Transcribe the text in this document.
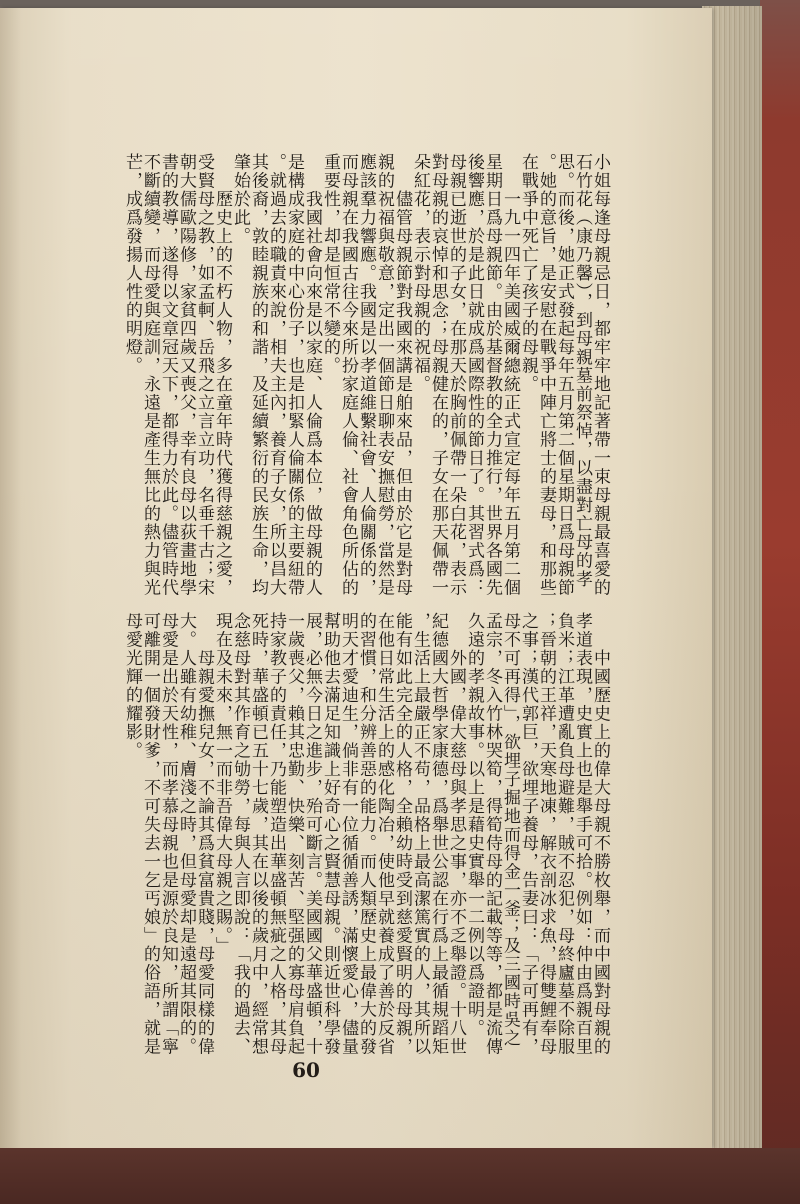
小姐每逢母親忌日，都牢牢地記著帶一束母親最喜愛的
石竹花（康乃馨），到母親墓前祭悼，以盡對亡母的孝
思。而後，她正式發起每年五月第二個星期日爲母親節
。她的意旨，是安慰在戰爭中陣亡將士的妻母，和那些
在戰爭中死亡了孩子的母親。
一九一四年美國威爾總統正式宣定每年五月第二個
星期日爲母親節。由於基督教的全力推行，世界各國先
後響應，於是此日就成爲國際性的節日了。其習式爲：
母親已逝世的子女，在那天於胸前佩帶一朵白花，表示
對母親的哀悼和思念；母親健在的，子女在那天佩帶一
朵紅花，表示對母親的祝福。
儘管母親節對我國來講是舶來品，但由於它是對母
親的祝福與敬意，定出一個節日聊表安撫慰勞，當然是
應該羣力響應。我國是以孝道維繫社會、人倫關係的，
而母親在我國古往今來所扮家庭人倫、社會角色所佔的
重要性，却是恒常不變的。
我國社會向來是以家庭、人倫爲本位，做母親的人
是構成家庭的中心份子，也是扣緊人倫關係的主要紐帶
。就過去的職責來說，相夫主內，養育子女，所以昌大
其後裔，敦睦親族的和諧，及延續繁衍的民族生命，均
肇始於此。
歷史上的不朽人物，多在童年時代獲得慈親之愛，
受賢母之教，如孟軻、岳飛之立言立功，名垂千古；宋
朝大儒歐陽修，家貧四歲又喪父，幸有良母以荻畫地學
書的教導，遂得以文章冠天下，都得力於此。儘管時代
不斷續變，而母愛與庭訓，永遠是產生無比的熱力與光
芒，成爲發揚人性的明燈。
中國歷史上的偉大母親不勝枚舉，而中國對母親的
孝道表現，史實上也是舉手可拾。例如：仲由爲親百里
負米；江革遭亂負母避難，賊不忍犯，母終廬墓不除服
；晉朝的王祥，天寒地凍，解衣剖冰求魚，得雙鯉奉母
之事；漢代郭巨，欲埋子養母，告妻曰：「子可再有，
母不可再得」，欲埋子掘地而得金一釜；及三國時吳之
孟宗，冬入竹林哭筍，得筍侍母的記載等等，都是流傳
久遠的孝親故事。以上是藉史實舉一二例以爲證明。
外國，偉大慈母與孝思之事，亦不乏舉證。十八世
紀德國大哲學家康德，爲舉世公認在行爲上最循規蹈矩
，生活上最嚴正不苟，品格上最高潔篤實的人，其所以
能有如此完全的人格，全賴幼時受到慈愛賢明的母親，
在他日常生活上的感化陶冶，使他早就養成了善於反省
的習慣，和分辨善惡的能力。而人類歷史上最偉大的發
明天才愛迪生，倘非有一位循循善誘，滿懷愛心，儘量
幫助他去滿足知識上好奇心之賢慧母親。則近世科學發
展，必無今日之進步，殆可斷言。美國國父華盛頓，十
一歲喪父，賴其忠勤、快樂、刻苦、堅强的寡母肩負起
持家教子的責任，乃能塑造出華盛頓無疵之人格，其母
死時，華盛頓已五十七歲，其在以後的歲月中，經常想
念慈母對其作育之劬勞，每與人言即說：「我的過去、
現在及未來，無一而非吾偉大母親之賜。」
母親愛撫兒女，不論其爲貧富貴賤，母愛同樣的偉
大。人雖有幼稚、膚淺之時，但母愛却是遠超其限的。
母愛是出於天性，而孝慕母親也是源於良知，所謂「寧
可離開一個發財爹，不可失去一乞丐娘」的俗語，就是
母愛光輝的耀影。
60
